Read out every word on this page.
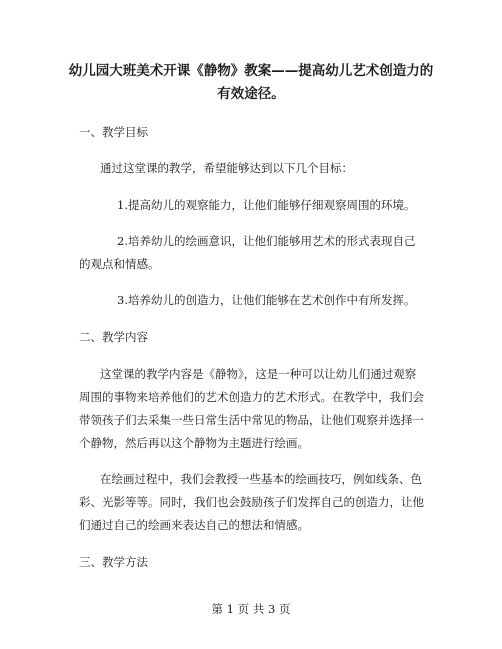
幼儿园大班美术开课《静物》教案——提高幼儿艺术创造力的
有效途径。
一、教学目标
通过这堂课的教学，希望能够达到以下几个目标：
1.提高幼儿的观察能力，让他们能够仔细观察周围的环境。
2.培养幼儿的绘画意识，让他们能够用艺术的形式表现自己
的观点和情感。
3.培养幼儿的创造力，让他们能够在艺术创作中有所发挥。
二、教学内容
这堂课的教学内容是《静物》，这是一种可以让幼儿们通过观察
周围的事物来培养他们的艺术创造力的艺术形式。在教学中，我们会
带领孩子们去采集一些日常生活中常见的物品，让他们观察并选择一
个静物，然后再以这个静物为主题进行绘画。
在绘画过程中，我们会教授一些基本的绘画技巧，例如线条、色
彩、光影等等。同时，我们也会鼓励孩子们发挥自己的创造力，让他
们通过自己的绘画来表达自己的想法和情感。
三、教学方法
第 1 页 共 3 页
